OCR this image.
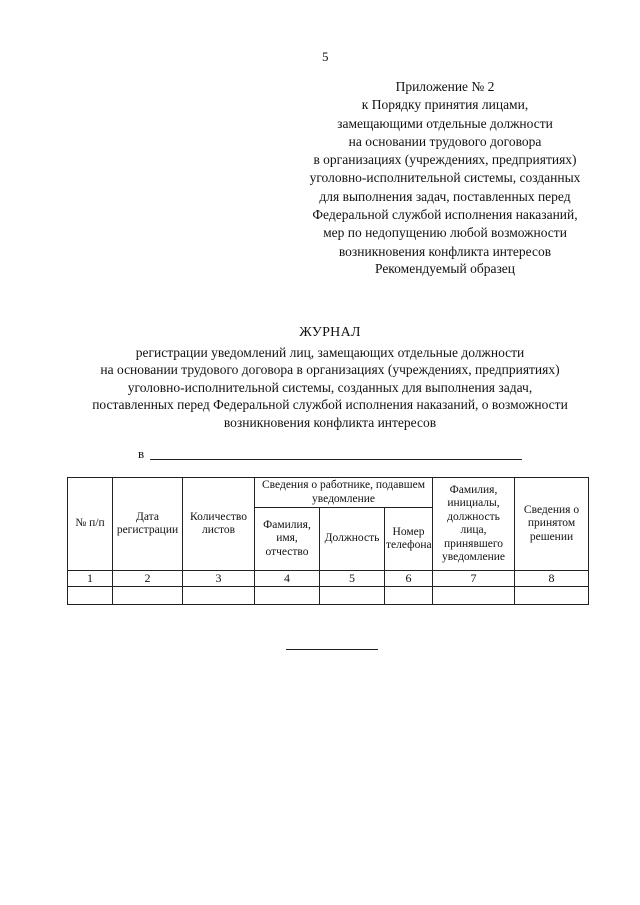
5
Приложение № 2
к Порядку принятия лицами,
замещающими отдельные должности
на основании трудового договора
в организациях (учреждениях, предприятиях)
уголовно-исполнительной системы, созданных
для выполнения задач, поставленных перед
Федеральной службой исполнения наказаний,
мер по недопущению любой возможности
возникновения конфликта интересов
Рекомендуемый образец
ЖУРНАЛ
регистрации уведомлений лиц, замещающих отдельные должности
на основании трудового договора в организациях (учреждениях, предприятиях)
уголовно-исполнительной системы, созданных для выполнения задач,
поставленных перед Федеральной службой исполнения наказаний, о возможности
возникновения конфликта интересов
в
№ п/п	Дата регистрации	Количество листов	Сведения о работнике, подавшем уведомление			Фамилия, инициалы, должность лица, принявшего уведомление	Сведения о принятом решении
			Фамилия, имя, отчество	Должность	Номер телефона		
1	2	3	4	5	6	7	8
